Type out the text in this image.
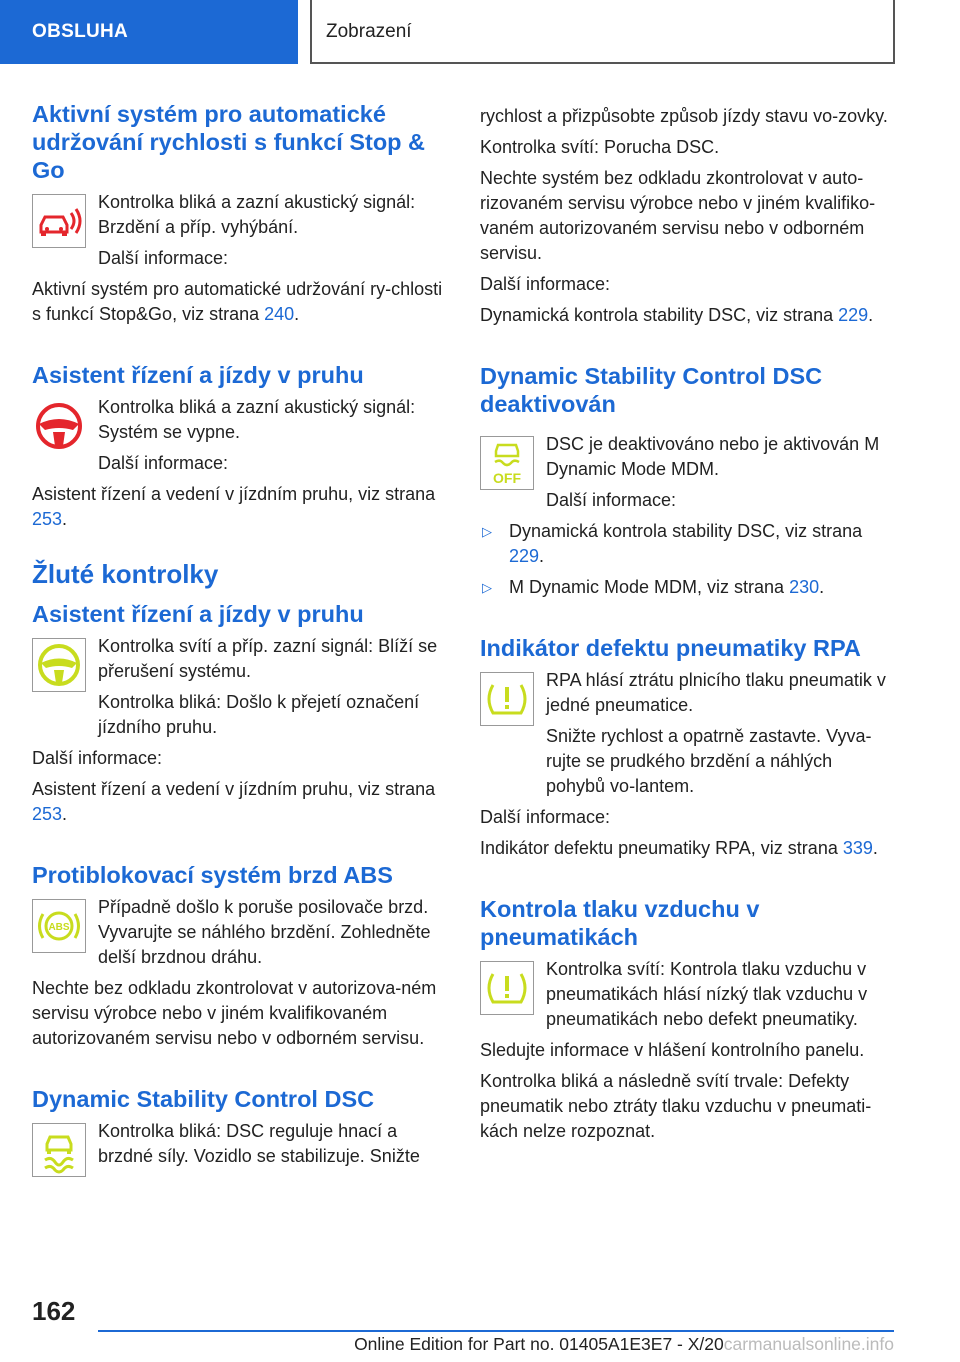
OBSLUHA	Zobrazení
Aktivní systém pro automatické udržování rychlosti s funkcí Stop & Go

Kontrolka bliká a zazní akustický signál: Brzdění a příp. vyhýbání.

Další informace:

Aktivní systém pro automatické udržování ry‐chlosti s funkcí Stop&Go, viz strana 240.

Asistent řízení a jízdy v pruhu

Kontrolka bliká a zazní akustický signál: Systém se vypne.

Další informace:

Asistent řízení a vedení v jízdním pruhu, viz strana 253.

Žluté kontrolky
Asistent řízení a jízdy v pruhu

Kontrolka svítí a příp. zazní signál: Blíží se přerušení systému.

Kontrolka bliká: Došlo k přejetí označení jízdního pruhu.

Další informace:

Asistent řízení a vedení v jízdním pruhu, viz strana 253.

Protiblokovací systém brzd ABS
ABS

Případně došlo k poruše posilovače brzd. Vyvarujte se náhlého brzdění. Zohledněte delší brzdnou dráhu.

Nechte bez odkladu zkontrolovat v autorizova‐ném servisu výrobce nebo v jiném kvalifikovaném autorizovaném servisu nebo v odborném servisu.

Dynamic Stability Control DSC

Kontrolka bliká: DSC reguluje hnací a brzdné síly. Vozidlo se stabilizuje. Snižte

rychlost a přizpůsobte způsob jízdy stavu vo‐zovky.

Kontrolka svítí: Porucha DSC.

Nechte systém bez odkladu zkontrolovat v auto‐rizovaném servisu výrobce nebo v jiném kvalifiko‐vaném autorizovaném servisu nebo v odborném servisu.

Další informace:

Dynamická kontrola stability DSC, viz strana 229.

Dynamic Stability Control DSC deaktivován
OFF

DSC je deaktivováno nebo je aktivován M Dynamic Mode MDM.

Další informace:

▷ Dynamická kontrola stability DSC, viz strana 229.
▷ M Dynamic Mode MDM, viz strana 230.
Indikátor defektu pneumatiky RPA

RPA hlásí ztrátu plnicího tlaku pneumatik v jedné pneumatice.

Snižte rychlost a opatrně zastavte. Vyva‐rujte se prudkého brzdění a náhlých pohybů vo‐lantem.

Další informace:

Indikátor defektu pneumatiky RPA, viz strana 339.

Kontrola tlaku vzduchu v pneumatikách

Kontrolka svítí: Kontrola tlaku vzduchu v pneumatikách hlásí nízký tlak vzduchu v pneumatikách nebo defekt pneumatiky.

Sledujte informace v hlášení kontrolního panelu.

Kontrolka bliká a následně svítí trvale: Defekty pneumatik nebo ztráty tlaku vzduchu v pneumati‐kách nelze rozpoznat.

162
Online Edition for Part no. 01405A1E3E7 - X/20carmanualsonline.info
